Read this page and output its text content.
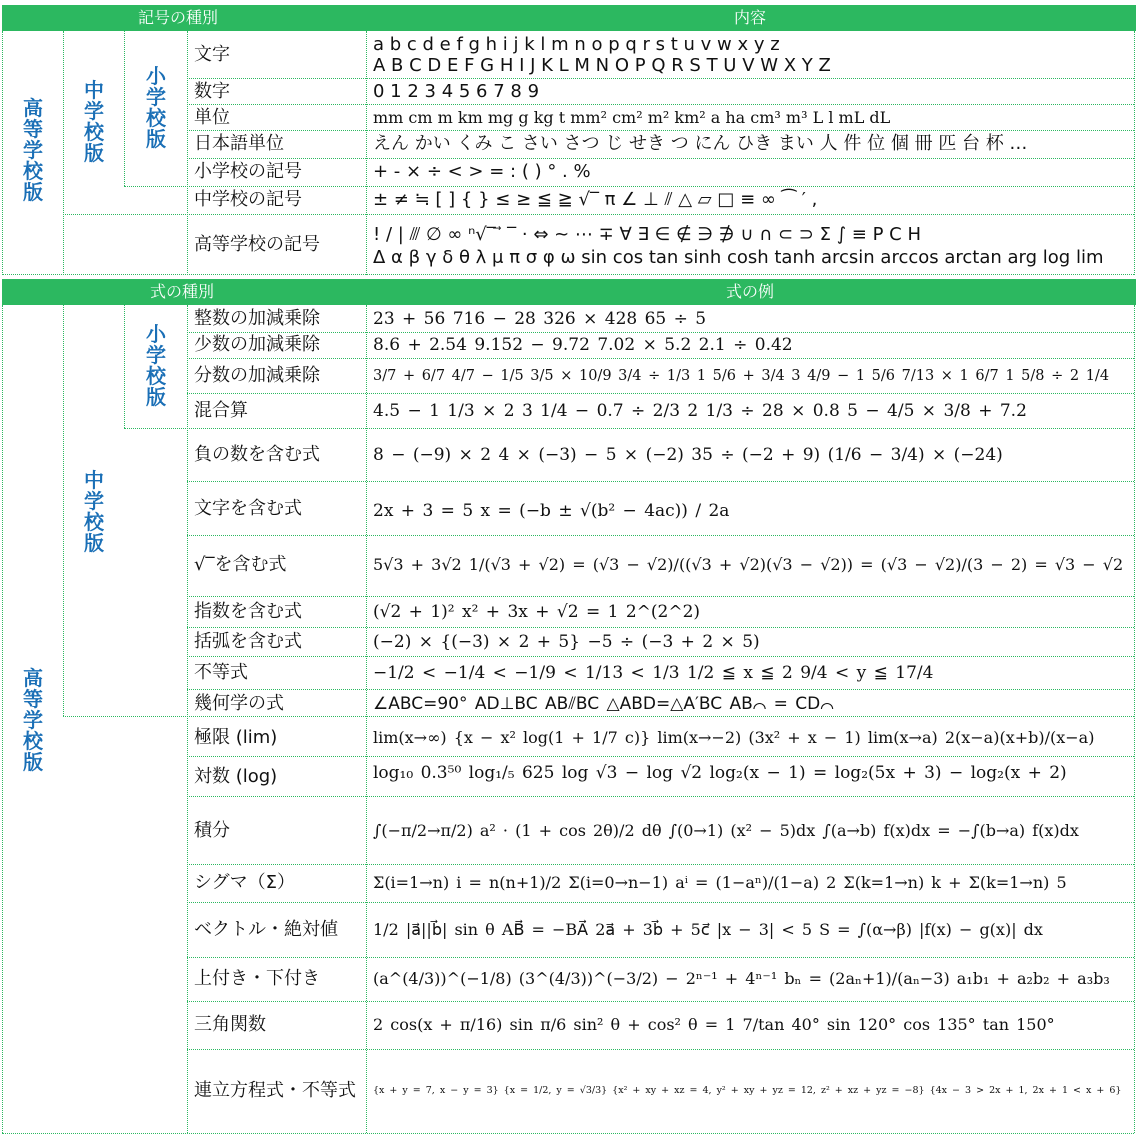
記号の種別	内容
高等学校版
中学校版
小学校版
文字	a b c d e f g h i j k l m n o p q r s t u v w x y z
A B C D E F G H I J K L M N O P Q R S T U V W X Y Z
数字	0 1 2 3 4 5 6 7 8 9
単位	mm cm m km mg g kg t mm² cm² m² km² a ha cm³ m³ L l mL dL
日本語単位	えん かい くみ こ さい さつ じ せき つ にん ひき まい 人 件 位 個 冊 匹 台 杯 …
小学校の記号	+ - × ÷ < > = : ( ) ° . %
中学校の記号	± ≠ ≒ [ ] { } ≤ ≥ ≦ ≧ √‾ π ∠ ⊥ ⫽ △ ▱ □ ≡ ∞ ⁀ ′ ,
高等学校の記号	! / | ⫻ ∅ ∞ ⁿ√‾ ⃗ ‾ · ⇔ ~ ⋯ ∓ ∀ ∃ ∈ ∉ ∋ ∌ ∪ ∩ ⊂ ⊃ Σ ∫ ≡ P C H
Δ α β γ δ θ λ μ π σ φ ω sin cos tan sinh cosh tanh arcsin arccos arctan arg log lim
式の種別	式の例
高等学校版
中学校版
小学校版
整数の加減乗除	23 + 56 716 − 28 326 × 428 65 ÷ 5
少数の加減乗除	8.6 + 2.54 9.152 − 9.72 7.02 × 5.2 2.1 ÷ 0.42
分数の加減乗除	3/7 + 6/7 4/7 − 1/5 3/5 × 10/9 3/4 ÷ 1/3 1 5/6 + 3/4 3 4/9 − 1 5/6 7/13 × 1 6/7 1 5/8 ÷ 2 1/4
混合算	4.5 − 1 1/3 × 2 3 1/4 − 0.7 ÷ 2/3 2 1/3 ÷ 28 × 0.8 5 − 4/5 × 3/8 + 7.2
負の数を含む式	8 − (−9) × 2 4 × (−3) − 5 × (−2) 35 ÷ (−2 + 9) (1/6 − 3/4) × (−24)
文字を含む式	2x + 3 = 5 x = (−b ± √(b² − 4ac)) / 2a
√‾を含む式	5√3 + 3√2 1/(√3 + √2) = (√3 − √2)/((√3 + √2)(√3 − √2)) = (√3 − √2)/(3 − 2) = √3 − √2
指数を含む式	(√2 + 1)² x² + 3x + √2 = 1 2^(2^2)
括弧を含む式	(−2) × {(−3) × 2 + 5} −5 ÷ (−3 + 2 × 5)
不等式	−1/2 < −1/4 < −1/9 < 1/13 < 1/3 1/2 ≦ x ≦ 2 9/4 < y ≦ 17/4
幾何学の式	∠ABC=90° AD⊥BC AB⫽BC △ABD=△A′BC AB⌒ = CD⌒
極限 (lim)	lim(x→∞) {x − x² log(1 + 1/7 c)} lim(x→−2) (3x² + x − 1) lim(x→a) 2(x−a)(x+b)/(x−a)
対数 (log)	log₁₀ 0.3⁵⁰ log₁/₅ 625 log √3 − log √2 log₂(x − 1) = log₂(5x + 3) − log₂(x + 2)
積分	∫(−π/2→π/2) a² · (1 + cos 2θ)/2 dθ ∫(0→1) (x² − 5)dx ∫(a→b) f(x)dx = −∫(b→a) f(x)dx
シグマ（Σ）	Σ(i=1→n) i = n(n+1)/2 Σ(i=0→n−1) aⁱ = (1−aⁿ)/(1−a) 2 Σ(k=1→n) k + Σ(k=1→n) 5
ベクトル・絶対値 1/2 |a⃗||b⃗| sin θ AB⃗ = −BA⃗ 2a⃗ + 3b⃗ + 5c⃗ |x − 3| < 5 S = ∫(α→β) |f(x) − g(x)| dx
上付き・下付き	(a^(4/3))^(−1/8) (3^(4/3))^(−3/2) − 2ⁿ⁻¹ + 4ⁿ⁻¹ bₙ = (2aₙ+1)/(aₙ−3) a₁b₁ + a₂b₂ + a₃b₃
三角関数	2 cos(x + π/16) sin π/6 sin² θ + cos² θ = 1 7/tan 40° sin 120° cos 135° tan 150°
連立方程式・不等式 {x + y = 7, x − y = 3} {x = 1/2, y = √3/3} {x² + xy + xz = 4, y² + xy + yz = 12, z² + xz + yz = −8} {4x − 3 > 2x + 1, 2x + 1 < x + 6}
